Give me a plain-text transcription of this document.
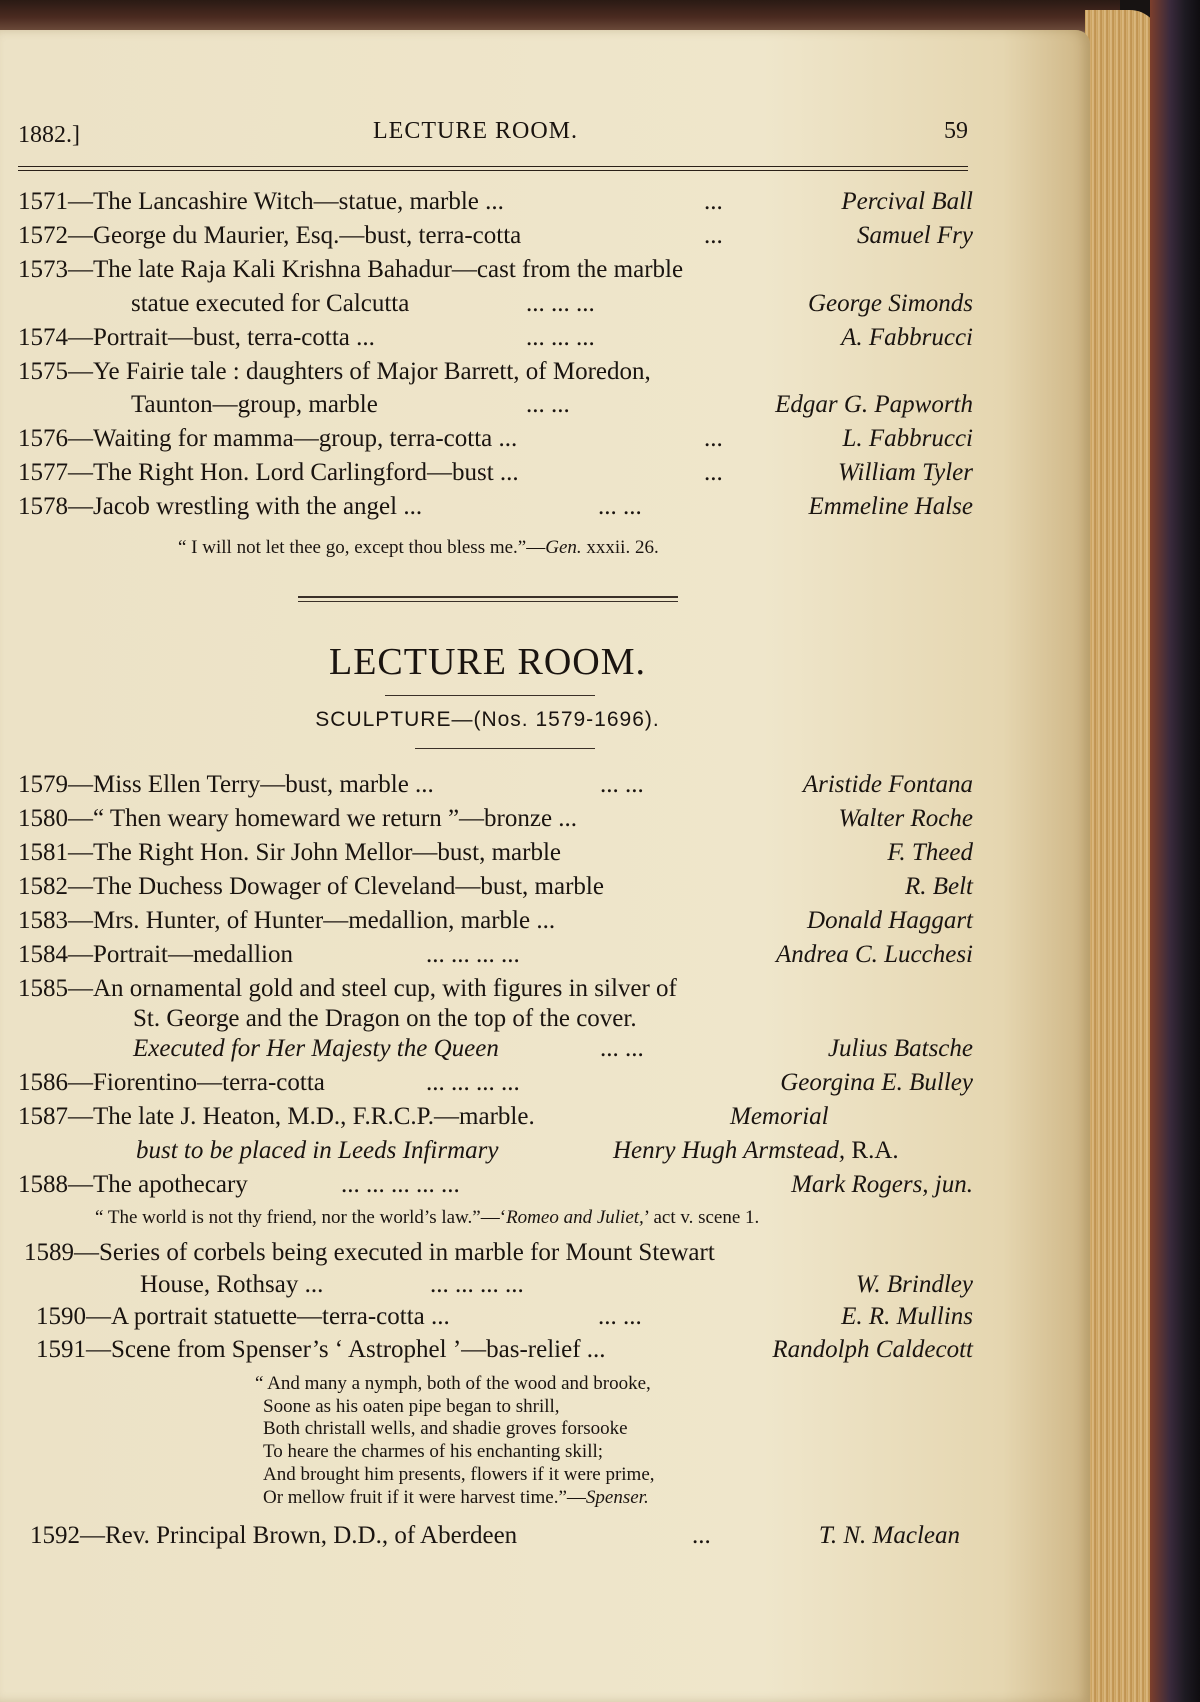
1882.]	LECTURE ROOM.	59
1571—The Lancashire Witch—statue, marble ...	...	Percival Ball
1572—George du Maurier, Esq.—bust, terra-cotta	...	Samuel Fry
1573—The late Raja Kali Krishna Bahadur—cast from the marble
statue executed for Calcutta	... ... ...	George Simonds
1574—Portrait—bust, terra-cotta ...	... ... ...	A. Fabbrucci
1575—Ye Fairie tale : daughters of Major Barrett, of Moredon,
Taunton—group, marble	... ...	Edgar G. Papworth
1576—Waiting for mamma—group, terra-cotta ...	...	L. Fabbrucci
1577—The Right Hon. Lord Carlingford—bust ...	...	William Tyler
1578—Jacob wrestling with the angel ...	... ...	Emmeline Halse
“ I will not let thee go, except thou bless me.”—Gen. xxxii. 26.
LECTURE ROOM.
SCULPTURE—(Nos. 1579-1696).
1579—Miss Ellen Terry—bust, marble ...	... ...	Aristide Fontana
1580—“ Then weary homeward we return ”—bronze ...	Walter Roche
1581—The Right Hon. Sir John Mellor—bust, marble	F. Theed
1582—The Duchess Dowager of Cleveland—bust, marble	R. Belt
1583—Mrs. Hunter, of Hunter—medallion, marble ...	Donald Haggart
1584—Portrait—medallion	... ... ... ...	Andrea C. Lucchesi
1585—An ornamental gold and steel cup, with figures in silver of
St. George and the Dragon on the top of the cover.
Executed for Her Majesty the Queen	... ...	Julius Batsche
1586—Fiorentino—terra-cotta	... ... ... ...	Georgina E. Bulley
1587—The late J. Heaton, M.D., F.R.C.P.—marble.	Memorial
bust to be placed in Leeds Infirmary	Henry Hugh Armstead, R.A.
1588—The apothecary	... ... ... ... ...	Mark Rogers, jun.
“ The world is not thy friend, nor the world’s law.”—‘Romeo and Juliet,’ act v. scene 1.
1589—Series of corbels being executed in marble for Mount Stewart
House, Rothsay ...	... ... ... ...	W. Brindley
1590—A portrait statuette—terra-cotta ...	... ...	E. R. Mullins
1591—Scene from Spenser’s ‘ Astrophel ’—bas-relief ...	Randolph Caldecott
“ And many a nymph, both of the wood and brooke,
Soone as his oaten pipe began to shrill,
Both christall wells, and shadie groves forsooke
To heare the charmes of his enchanting skill;
And brought him presents, flowers if it were prime,
Or mellow fruit if it were harvest time.”—Spenser.
1592—Rev. Principal Brown, D.D., of Aberdeen	...	T. N. Maclean
